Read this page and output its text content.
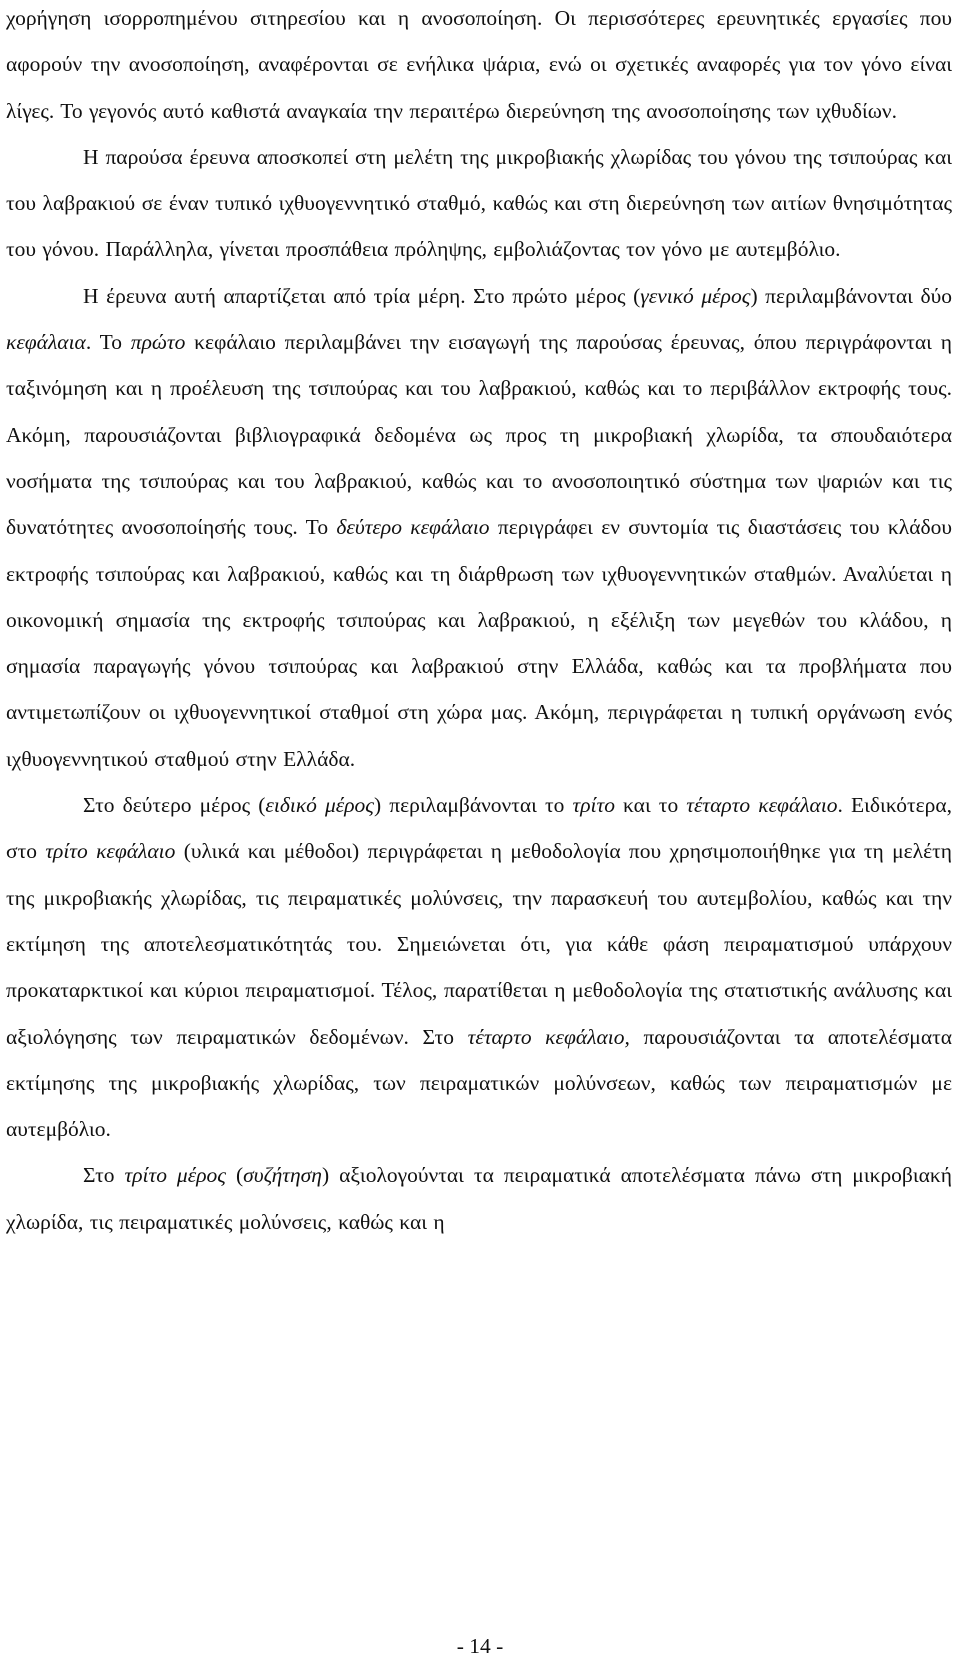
χορήγηση ισορροπημένου σιτηρεσίου και η ανοσοποίηση. Οι περισσότερες ερευνητικές εργασίες που αφορούν την ανοσοποίηση, αναφέρονται σε ενήλικα ψάρια, ενώ οι σχετικές αναφορές για τον γόνο είναι λίγες. Το γεγονός αυτό καθιστά αναγκαία την περαιτέρω διερεύνηση της ανοσοποίησης των ιχθυδίων.

Η παρούσα έρευνα αποσκοπεί στη μελέτη της μικροβιακής χλωρίδας του γόνου της τσιπούρας και του λαβρακιού σε έναν τυπικό ιχθυογεννητικό σταθμό, καθώς και στη διερεύνηση των αιτίων θνησιμότητας του γόνου. Παράλληλα, γίνεται προσπάθεια πρόληψης, εμβολιάζοντας τον γόνο με αυτεμβόλιο.

Η έρευνα αυτή απαρτίζεται από τρία μέρη. Στο πρώτο μέρος (γενικό μέρος) περιλαμβάνονται δύο κεφάλαια. Το πρώτο κεφάλαιο περιλαμβάνει την εισαγωγή της παρούσας έρευνας, όπου περιγράφονται η ταξινόμηση και η προέλευση της τσιπούρας και του λαβρακιού, καθώς και το περιβάλλον εκτροφής τους. Ακόμη, παρουσιάζονται βιβλιογραφικά δεδομένα ως προς τη μικροβιακή χλωρίδα, τα σπουδαιότερα νοσήματα της τσιπούρας και του λαβρακιού, καθώς και το ανοσοποιητικό σύστημα των ψαριών και τις δυνατότητες ανοσοποίησής τους. Το δεύτερο κεφάλαιο περιγράφει εν συντομία τις διαστάσεις του κλάδου εκτροφής τσιπούρας και λαβρακιού, καθώς και τη διάρθρωση των ιχθυογεννητικών σταθμών. Αναλύεται η οικονομική σημασία της εκτροφής τσιπούρας και λαβρακιού, η εξέλιξη των μεγεθών του κλάδου, η σημασία παραγωγής γόνου τσιπούρας και λαβρακιού στην Ελλάδα, καθώς και τα προβλήματα που αντιμετωπίζουν οι ιχθυογεννητικοί σταθμοί στη χώρα μας. Ακόμη, περιγράφεται η τυπική οργάνωση ενός ιχθυογεννητικού σταθμού στην Ελλάδα.

Στο δεύτερο μέρος (ειδικό μέρος) περιλαμβάνονται το τρίτο και το τέταρτο κεφάλαιο. Ειδικότερα, στο τρίτο κεφάλαιο (υλικά και μέθοδοι) περιγράφεται η μεθοδολογία που χρησιμοποιήθηκε για τη μελέτη της μικροβιακής χλωρίδας, τις πειραματικές μολύνσεις, την παρασκευή του αυτεμβολίου, καθώς και την εκτίμηση της αποτελεσματικότητάς του. Σημειώνεται ότι, για κάθε φάση πειραματισμού υπάρχουν προκαταρκτικοί και κύριοι πειραματισμοί. Τέλος, παρατίθεται η μεθοδολογία της στατιστικής ανάλυσης και αξιολόγησης των πειραματικών δεδομένων. Στο τέταρτο κεφάλαιο, παρουσιάζονται τα αποτελέσματα εκτίμησης της μικροβιακής χλωρίδας, των πειραματικών μολύνσεων, καθώς των πειραματισμών με αυτεμβόλιο.

Στο τρίτο μέρος (συζήτηση) αξιολογούνται τα πειραματικά αποτελέσματα πάνω στη μικροβιακή χλωρίδα, τις πειραματικές μολύνσεις, καθώς και η

- 14 -
